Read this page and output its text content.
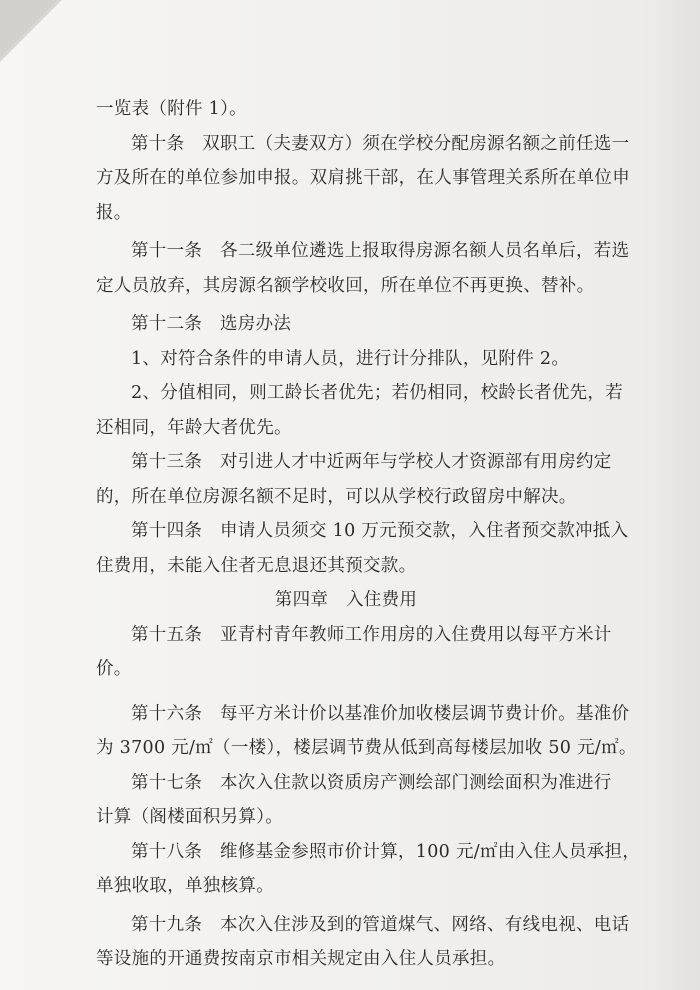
一览表（附件 1）。
第十条　双职工（夫妻双方）须在学校分配房源名额之前任选一
方及所在的单位参加申报。双肩挑干部，在人事管理关系所在单位申
报。
第十一条　各二级单位遴选上报取得房源名额人员名单后，若选
定人员放弃，其房源名额学校收回，所在单位不再更换、替补。
第十二条　选房办法
1、对符合条件的申请人员，进行计分排队，见附件 2。
2、分值相同，则工龄长者优先；若仍相同，校龄长者优先，若
还相同，年龄大者优先。
第十三条　对引进人才中近两年与学校人才资源部有用房约定
的，所在单位房源名额不足时，可以从学校行政留房中解决。
第十四条　申请人员须交 10 万元预交款，入住者预交款冲抵入
住费用，未能入住者无息退还其预交款。
第四章　入住费用
第十五条　亚青村青年教师工作用房的入住费用以每平方米计
价。
第十六条　每平方米计价以基准价加收楼层调节费计价。基准价
为 3700 元/㎡（一楼），楼层调节费从低到高每楼层加收 50 元/㎡。
第十七条　本次入住款以资质房产测绘部门测绘面积为准进行
计算（阁楼面积另算）。
第十八条　维修基金参照市价计算，100 元/㎡由入住人员承担，
单独收取，单独核算。
第十九条　本次入住涉及到的管道煤气、网络、有线电视、电话
等设施的开通费按南京市相关规定由入住人员承担。
